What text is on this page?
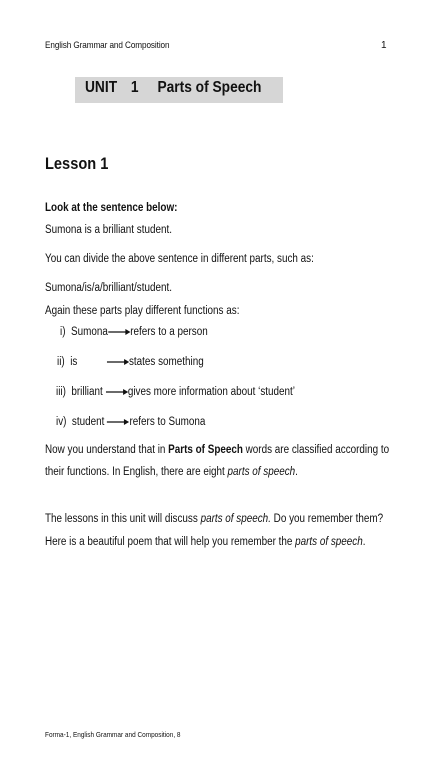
English Grammar and Composition	1
UNIT 1 Parts of Speech
Lesson 1
Look at the sentence below:
Sumona is a brilliant student.
You can divide the above sentence in different parts, such as:
Sumona/is/a/brilliant/student.
Again these parts play different functions as:
i) Sumona refers to a person
ii) is	states something
iii) brilliant gives more information about ‘student’
iv) student refers to Sumona
Now you understand that in Parts of Speech words are classified according to
their functions. In English, there are eight parts of speech.
The lessons in this unit will discuss parts of speech. Do you remember them?
Here is a beautiful poem that will help you remember the parts of speech.
Forma-1, English Grammar and Composition, 8
